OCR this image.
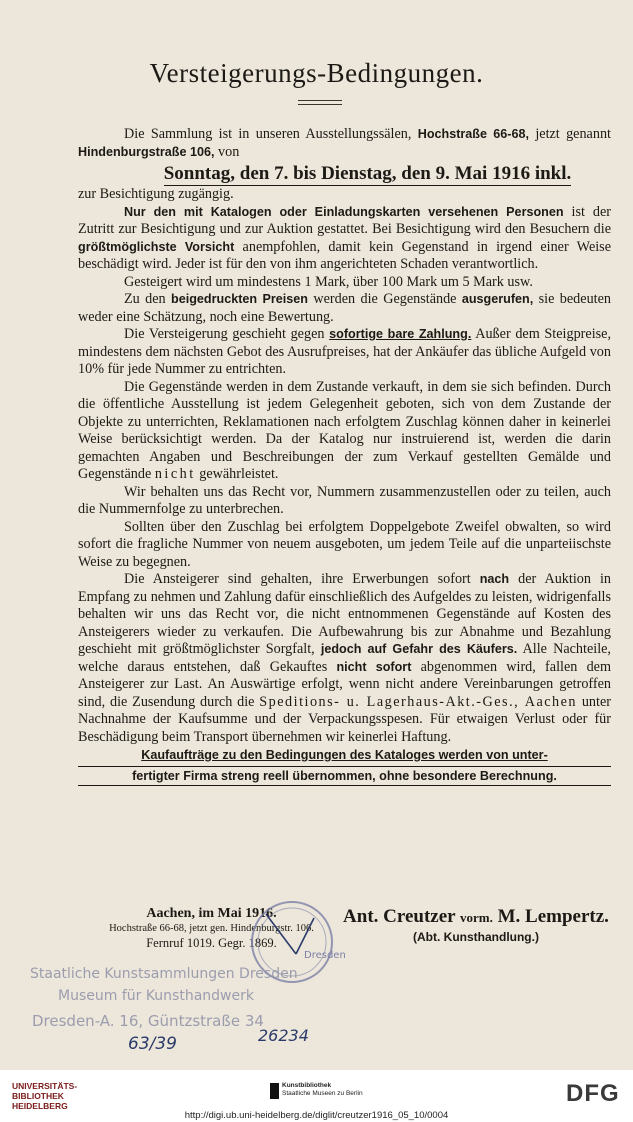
Versteigerungs-Bedingungen.

Die Sammlung ist in unseren Ausstellungssälen, Hochstraße 66-68, jetzt genannt Hindenburgstraße 106, von

Sonntag, den 7. bis Dienstag, den 9. Mai 1916 inkl.

zur Besichtigung zugängig.

Nur den mit Katalogen oder Einladungskarten versehenen Personen ist der Zutritt zur Besichtigung und zur Auktion gestattet. Bei Besichtigung wird den Besuchern die größtmöglichste Vorsicht anempfohlen, damit kein Gegenstand in irgend einer Weise beschädigt wird. Jeder ist für den von ihm angerichteten Schaden verantwortlich.

Gesteigert wird um mindestens 1 Mark, über 100 Mark um 5 Mark usw.

Zu den beigedruckten Preisen werden die Gegenstände ausgerufen, sie bedeuten weder eine Schätzung, noch eine Bewertung.

Die Versteigerung geschieht gegen sofortige bare Zahlung. Außer dem Steigpreise, mindestens dem nächsten Gebot des Ausrufpreises, hat der Ankäufer das übliche Aufgeld von 10% für jede Nummer zu entrichten.

Die Gegenstände werden in dem Zustande verkauft, in dem sie sich befinden. Durch die öffentliche Ausstellung ist jedem Gelegenheit geboten, sich von dem Zustande der Objekte zu unterrichten, Reklamationen nach erfolgtem Zuschlag können daher in keinerlei Weise berücksichtigt werden. Da der Katalog nur instruierend ist, werden die darin gemachten Angaben und Beschreibungen der zum Verkauf gestellten Gemälde und Gegenstände nicht gewährleistet.

Wir behalten uns das Recht vor, Nummern zusammenzustellen oder zu teilen, auch die Nummernfolge zu unterbrechen.

Sollten über den Zuschlag bei erfolgtem Doppelgebote Zweifel obwalten, so wird sofort die fragliche Nummer von neuem ausgeboten, um jedem Teile auf die unparteiischste Weise zu begegnen.

Die Ansteigerer sind gehalten, ihre Erwerbungen sofort nach der Auktion in Empfang zu nehmen und Zahlung dafür einschließlich des Aufgeldes zu leisten, widrigenfalls behalten wir uns das Recht vor, die nicht entnommenen Gegenstände auf Kosten des Ansteigerers wieder zu verkaufen. Die Aufbewahrung bis zur Abnahme und Bezahlung geschieht mit größtmöglichster Sorgfalt, jedoch auf Gefahr des Käufers. Alle Nachteile, welche daraus entstehen, daß Gekauftes nicht sofort abgenommen wird, fallen dem Ansteigerer zur Last. An Auswärtige erfolgt, wenn nicht andere Vereinbarungen getroffen sind, die Zusendung durch die Speditions- u. Lagerhaus-Akt.-Ges., Aachen unter Nachnahme der Kaufsumme und der Verpackungsspesen. Für etwaigen Verlust oder für Beschädigung beim Transport übernehmen wir keinerlei Haftung.

Kaufaufträge zu den Bedingungen des Kataloges werden von unter-
fertigter Firma streng reell übernommen, ohne besondere Berechnung.

Aachen, im Mai 1916.
Hochstraße 66-68, jetzt gen. Hindenburgstr. 106.
Fernruf 1019. Gegr. 1869.
Ant. Creutzer vorm. M. Lempertz.
(Abt. Kunsthandlung.)
Dresden
Staatliche Kunstsammlungen Dresden
Museum für Kunsthandwerk
Dresden-A. 16, Güntzstraße 34
63/39	26234
UNIVERSITÄTS-
BIBLIOTHEK
HEIDELBERG
Kunstbibliothek
Staatliche Museen zu Berlin	DFG
http://digi.ub.uni-heidelberg.de/diglit/creutzer1916_05_10/0004
